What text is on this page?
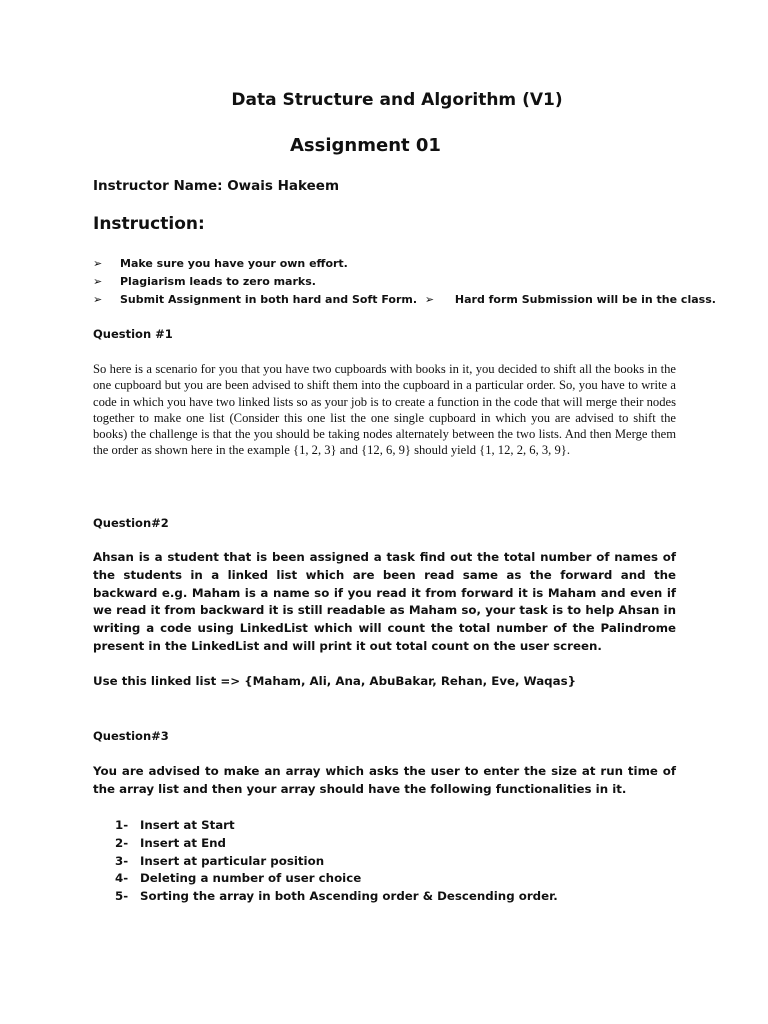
Data Structure and Algorithm (V1)
Assignment 01
Instructor Name: Owais Hakeem
Instruction:
➢ Make sure you have your own effort.
➢ Plagiarism leads to zero marks.
➢ Submit Assignment in both hard and Soft Form. ➢ Hard form Submission will be in the class.
Question #1
So here is a scenario for you that you have two cupboards with books in it, you decided to shift all the books in the one cupboard but you are been advised to shift them into the cupboard in a particular order. So, you have to write a code in which you have two linked lists so as your job is to create a function in the code that will merge their nodes together to make one list (Consider this one list the one single cupboard in which you are advised to shift the books) the challenge is that the you should be taking nodes alternately between the two lists. And then Merge them the order as shown here in the example {1, 2, 3} and {12, 6, 9} should yield {1, 12, 2, 6, 3, 9}.
Question#2
Ahsan is a student that is been assigned a task find out the total number of names of the students in a linked list which are been read same as the forward and the backward e.g. Maham is a name so if you read it from forward it is Maham and even if we read it from backward it is still readable as Maham so, your task is to help Ahsan in writing a code using LinkedList which will count the total number of the Palindrome present in the LinkedList and will print it out total count on the user screen.
Use this linked list => {Maham, Ali, Ana, AbuBakar, Rehan, Eve, Waqas}
Question#3
You are advised to make an array which asks the user to enter the size at run time of the array list and then your array should have the following functionalities in it.
1- Insert at Start
2- Insert at End
3- Insert at particular position
4- Deleting a number of user choice
5- Sorting the array in both Ascending order & Descending order.
